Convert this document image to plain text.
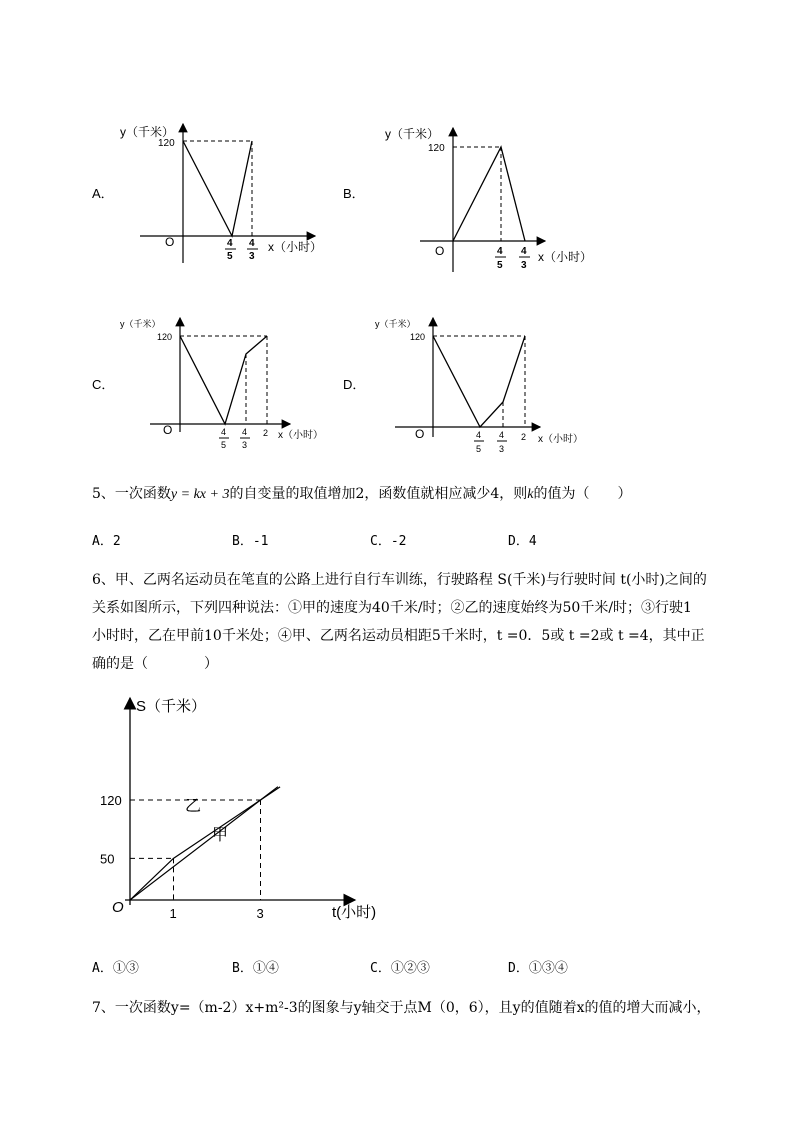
A．
y（千米）
120
O	4
5
4
3
x（小时）
B．
y（千米）
120
O	4
5
4
3
x（小时）
C．
y（千米）
120
O	4
5
4
3
2 x（小时）
D．
y（千米）
120
O	4
5
4
3
2 x（小时）
5、一次函数y = kx + 3的自变量的取值增加2，函数值就相应减少4，则k的值为（　　）
A．2	B．-1	C．-2	D．4
6、甲、乙两名运动员在笔直的公路上进行自行车训练，行驶路程 S(千米)与行驶时间 t(小时)之间的
关系如图所示，下列四种说法：①甲的速度为40千米/时；②乙的速度始终为50千米/时；③行驶1
小时时，乙在甲前10千米处；④甲、乙两名运动员相距5千米时，t =0．5或 t =2或 t =4，其中正
确的是（　　　　）
S（千米）
O	t(小时)
1	3
50
120	乙
甲
A．①③	B．①④	C．①②③	D．①③④
7、一次函数y=（m-2）x+m²-3的图象与y轴交于点M（0，6），且y的值随着x的值的增大而减小，
